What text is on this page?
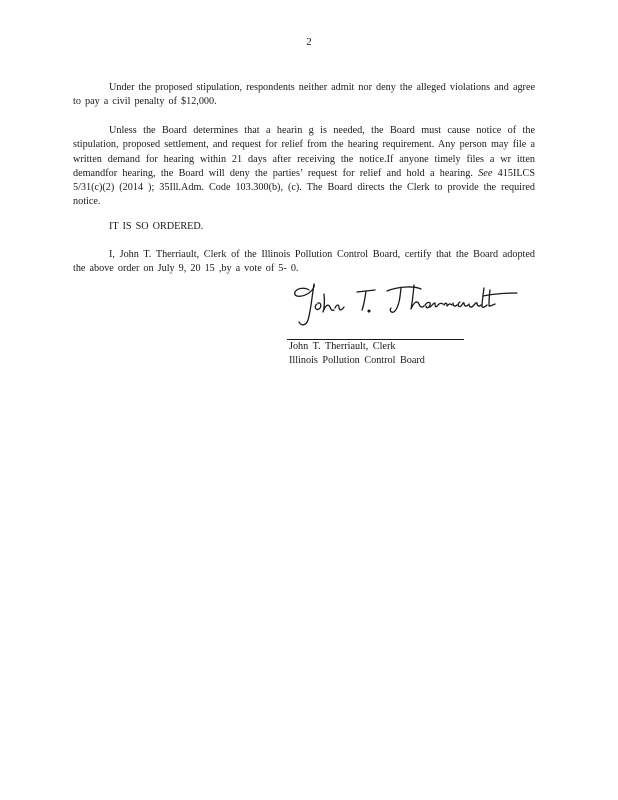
2

Under the proposed stipulation, respondents neither admit nor deny the alleged violations and agree to pay a civil penalty of $12,000.

Unless the Board determines that a hearin g is needed, the Board must cause notice of the stipulation, proposed settlement, and request for relief from the hearing requirement. Any person may file a written demand for hearing within 21 days after receiving the notice.If anyone timely files a wr itten demandfor hearing, the Board will deny the parties’ request for relief and hold a hearing. See 415ILCS 5/31(c)(2) (2014 ); 35Ill.Adm. Code 103.300(b), (c). The Board directs the Clerk to provide the required notice.

IT IS SO ORDERED.

I, John T. Therriault, Clerk of the Illinois Pollution Control Board, certify that the Board adopted the above order on July 9, 20 15 ,by a vote of 5- 0.

John T. Therriault, Clerk
Illinois Pollution Control Board
